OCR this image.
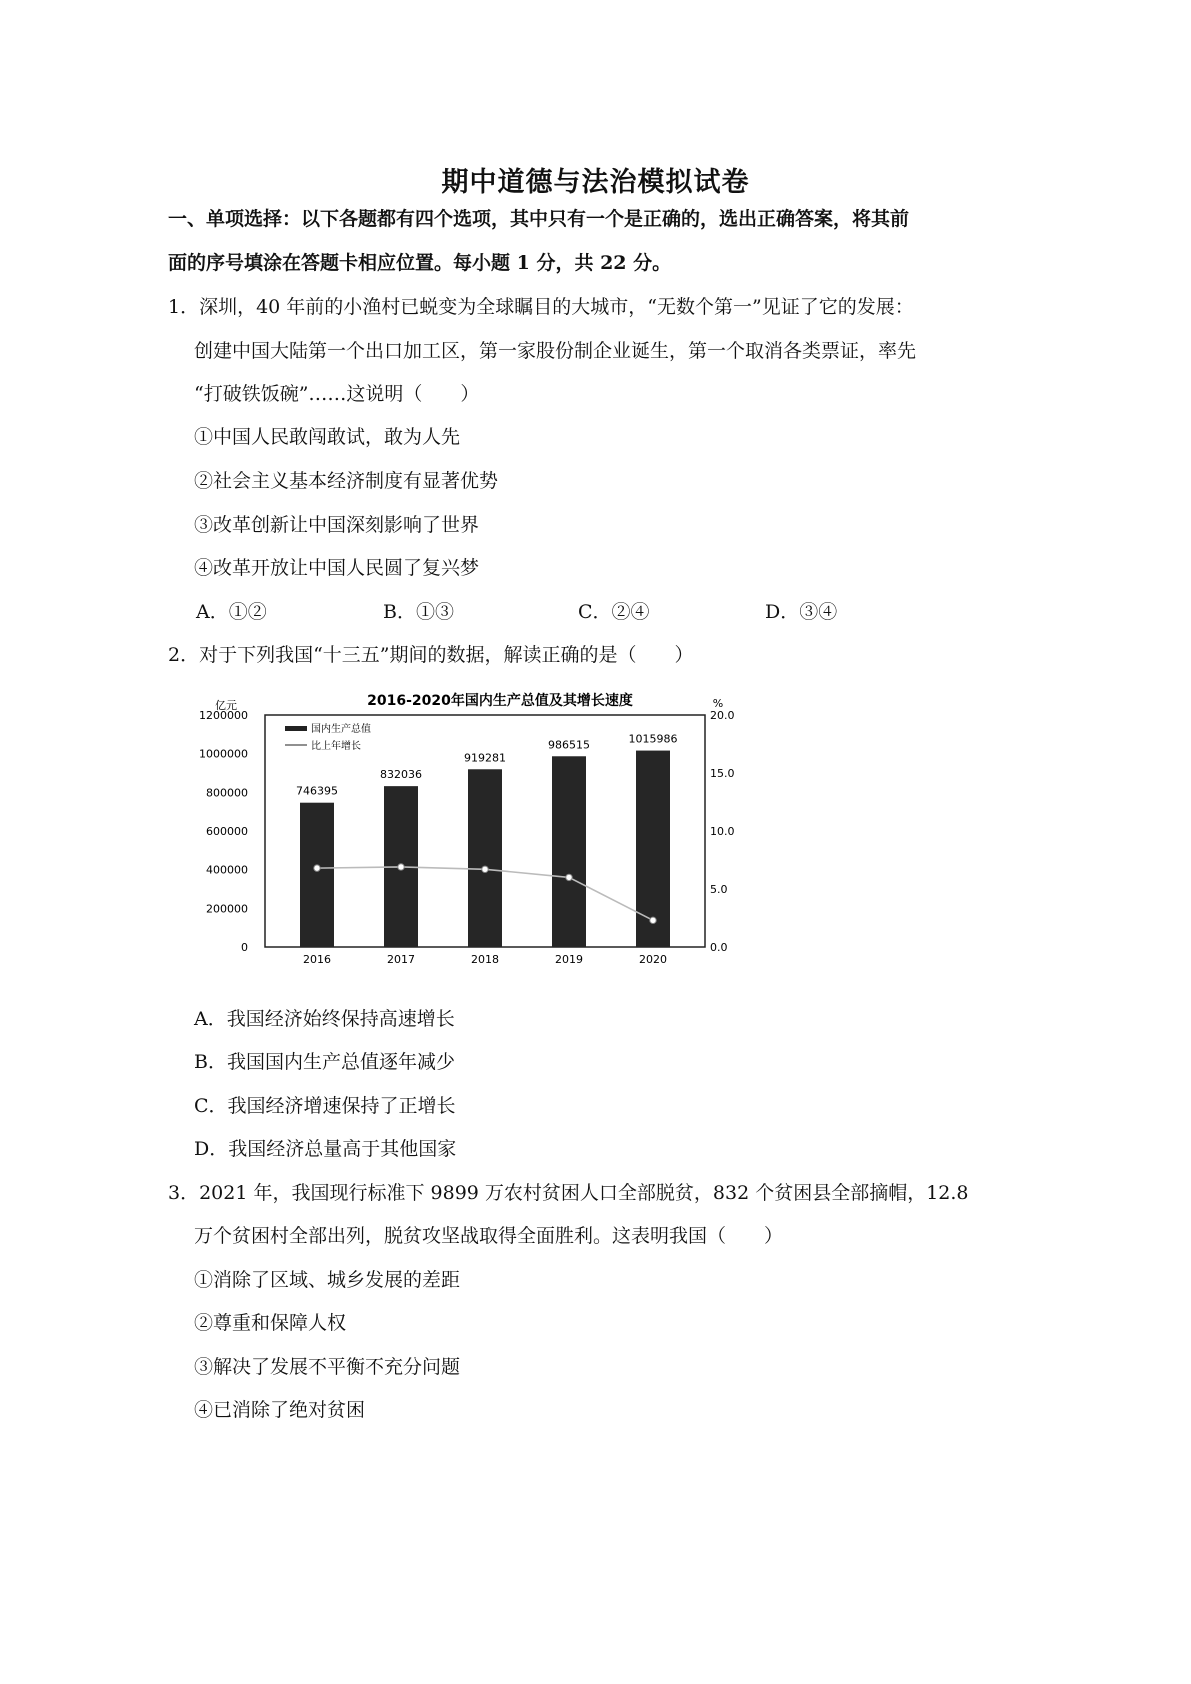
期中道德与法治模拟试卷
一、单项选择：以下各题都有四个选项，其中只有一个是正确的，选出正确答案，将其前
面的序号填涂在答题卡相应位置。每小题 1 分，共 22 分。
1．深圳，40 年前的小渔村已蜕变为全球瞩目的大城市，“无数个第一”见证了它的发展：
创建中国大陆第一个出口加工区，第一家股份制企业诞生，第一个取消各类票证，率先
“打破铁饭碗”……这说明（　　）
①中国人民敢闯敢试，敢为人先
②社会主义基本经济制度有显著优势
③改革创新让中国深刻影响了世界
④改革开放让中国人民圆了复兴梦
A．①②	B．①③	C．②④	D．③④
2．对于下列我国“十三五”期间的数据，解读正确的是（　　）
2016-2020年国内生产总值及其增长速度
亿元	%
0
200000
400000
600000
800000
1000000
1200000
0.0
5.0
10.0
15.0
20.0
746395
832036
919281
986515	1015986
2016	2017	2018	2019	2020
国内生产总值
比上年增长
A．我国经济始终保持高速增长
B．我国国内生产总值逐年减少
C．我国经济增速保持了正增长
D．我国经济总量高于其他国家
3．2021 年，我国现行标准下 9899 万农村贫困人口全部脱贫，832 个贫困县全部摘帽，12.8
万个贫困村全部出列，脱贫攻坚战取得全面胜利。这表明我国（　　）
①消除了区域、城乡发展的差距
②尊重和保障人权
③解决了发展不平衡不充分问题
④已消除了绝对贫困
